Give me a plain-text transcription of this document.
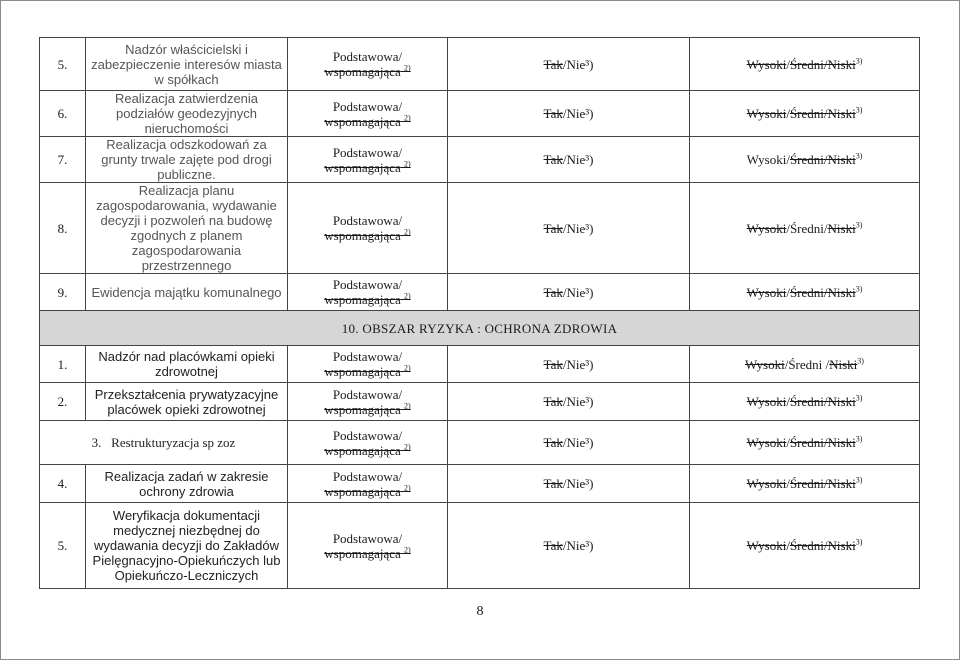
5.	Nadzór właścicielski i zabezpieczenie interesów miasta w spółkach	Podstawowa/
wspomagająca $^{2)}$	Tak/Nie³)	Wysoki/Średni/Niski$^{3)}$
6.	Realizacja zatwierdzenia podziałów geodezyjnych nieruchomości	Podstawowa/
wspomagająca $^{2)}$	Tak/Nie³)	Wysoki/Średni/Niski$^{3)}$
7.	Realizacja odszkodowań za grunty trwale zajęte pod drogi publiczne.	Podstawowa/
wspomagająca $^{2)}$	Tak/Nie³)	Wysoki/Średni/Niski$^{3)}$
8.	Realizacja planu zagospodarowania, wydawanie decyzji i pozwoleń na budowę zgodnych z planem zagospodarowania przestrzennego	Podstawowa/
wspomagająca $^{2)}$	Tak/Nie³)	Wysoki/Średni/Niski$^{3)}$
9.	Ewidencja majątku komunalnego	Podstawowa/
wspomagająca $^{2)}$	Tak/Nie³)	Wysoki/Średni/Niski$^{3)}$
10. OBSZAR RYZYKA : OCHRONA ZDROWIA				
1.	Nadzór nad placówkami opieki zdrowotnej	Podstawowa/
wspomagająca $^{2)}$	Tak/Nie³)	Wysoki/Średni /Niski$^{3)}$
2.	Przekształcenia prywatyzacyjne placówek opieki zdrowotnej	Podstawowa/
wspomagająca $^{2)}$	Tak/Nie³)	Wysoki/Średni/Niski$^{3)}$
3. Restrukturyzacja sp zoz		Podstawowa/
wspomagająca $^{2)}$	Tak/Nie³)	Wysoki/Średni/Niski$^{3)}$
4.	Realizacja zadań w zakresie ochrony zdrowia	Podstawowa/
wspomagająca $^{2)}$	Tak/Nie³)	Wysoki/Średni/Niski$^{3)}$
5.	Weryfikacja dokumentacji medycznej niezbędnej do wydawania decyzji do Zakładów Pielęgnacyjno-Opiekuńczych lub Opiekuńczo-Leczniczych	Podstawowa/
wspomagająca $^{2)}$	Tak/Nie³)	Wysoki/Średni/Niski$^{3)}$
8
